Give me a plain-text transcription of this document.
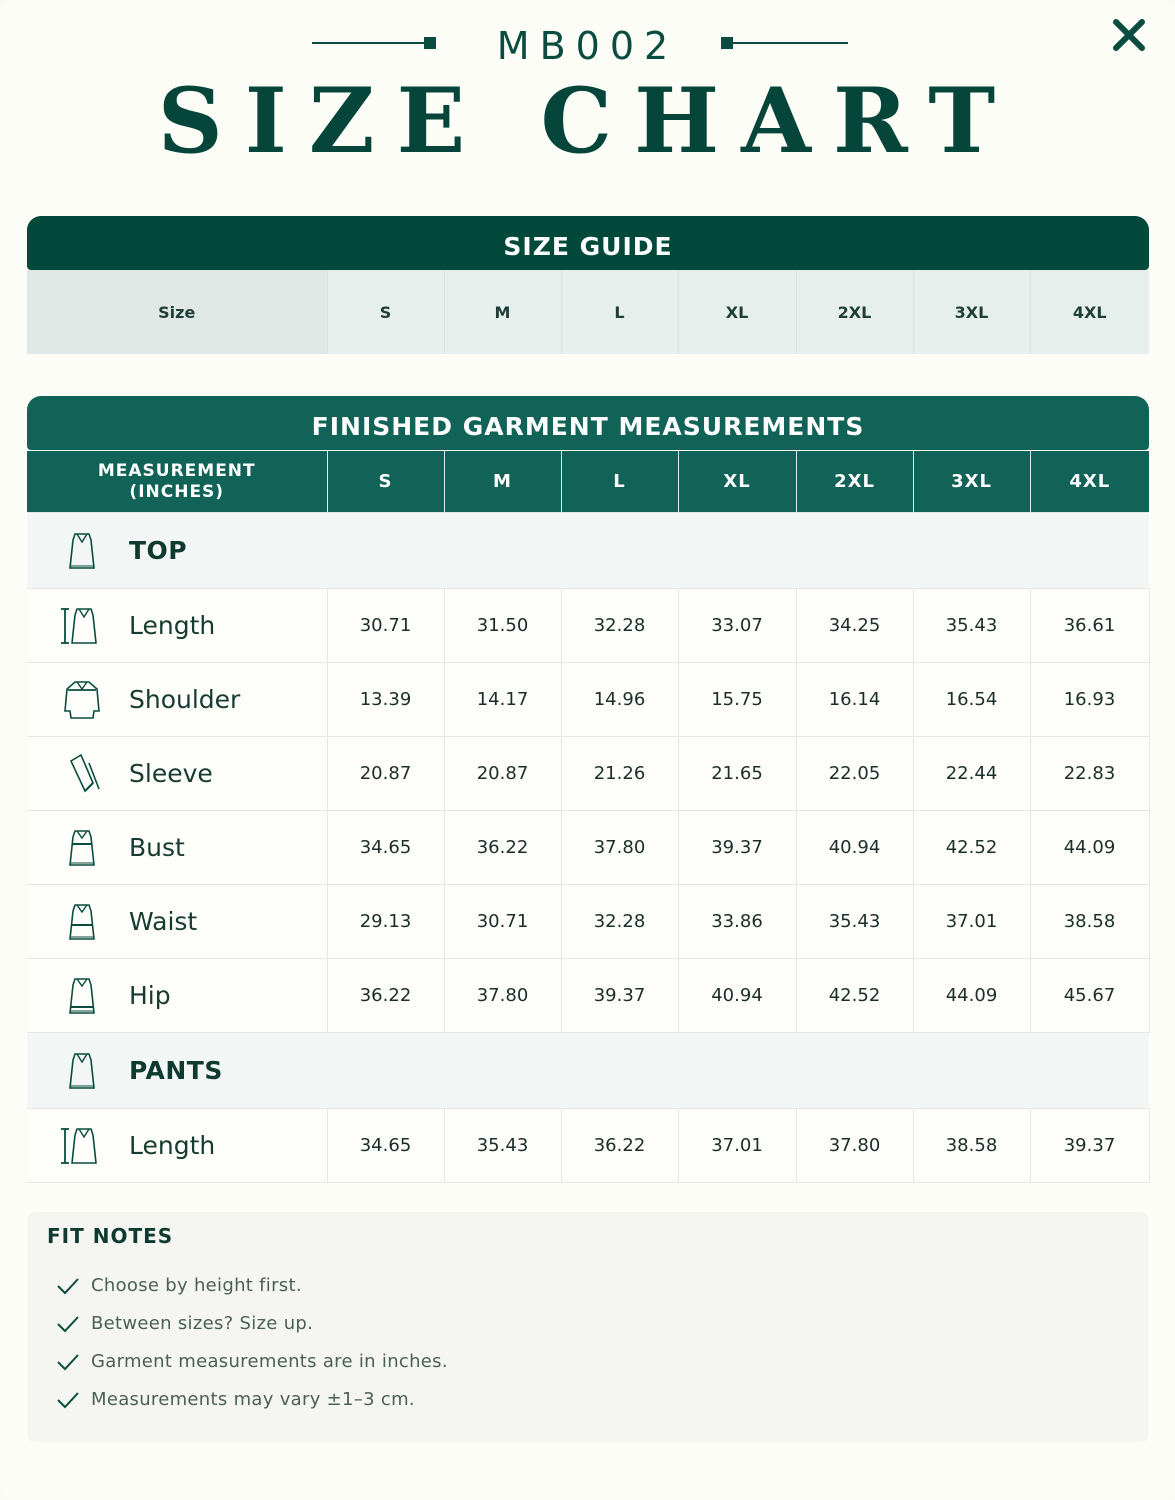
MB002
SIZE CHART
SIZE GUIDE
Size	S	M	L	XL	2XL	3XL	4XL
FINISHED GARMENT MEASUREMENTS
MEASUREMENT
(INCHES)	S	M	L	XL	2XL	3XL	4XL

TOP							

Length	30.71	31.50	32.28	33.07	34.25	35.43	36.61

Shoulder	13.39	14.17	14.96	15.75	16.14	16.54	16.93

Sleeve	20.87	20.87	21.26	21.65	22.05	22.44	22.83

Bust	34.65	36.22	37.80	39.37	40.94	42.52	44.09

Waist	29.13	30.71	32.28	33.86	35.43	37.01	38.58

Hip	36.22	37.80	39.37	40.94	42.52	44.09	45.67

PANTS							

Length	34.65	35.43	36.22	37.01	37.80	38.58	39.37
FIT NOTES
Choose by height first.
Between sizes? Size up.
Garment measurements are in inches.
Measurements may vary ±1–3 cm.
